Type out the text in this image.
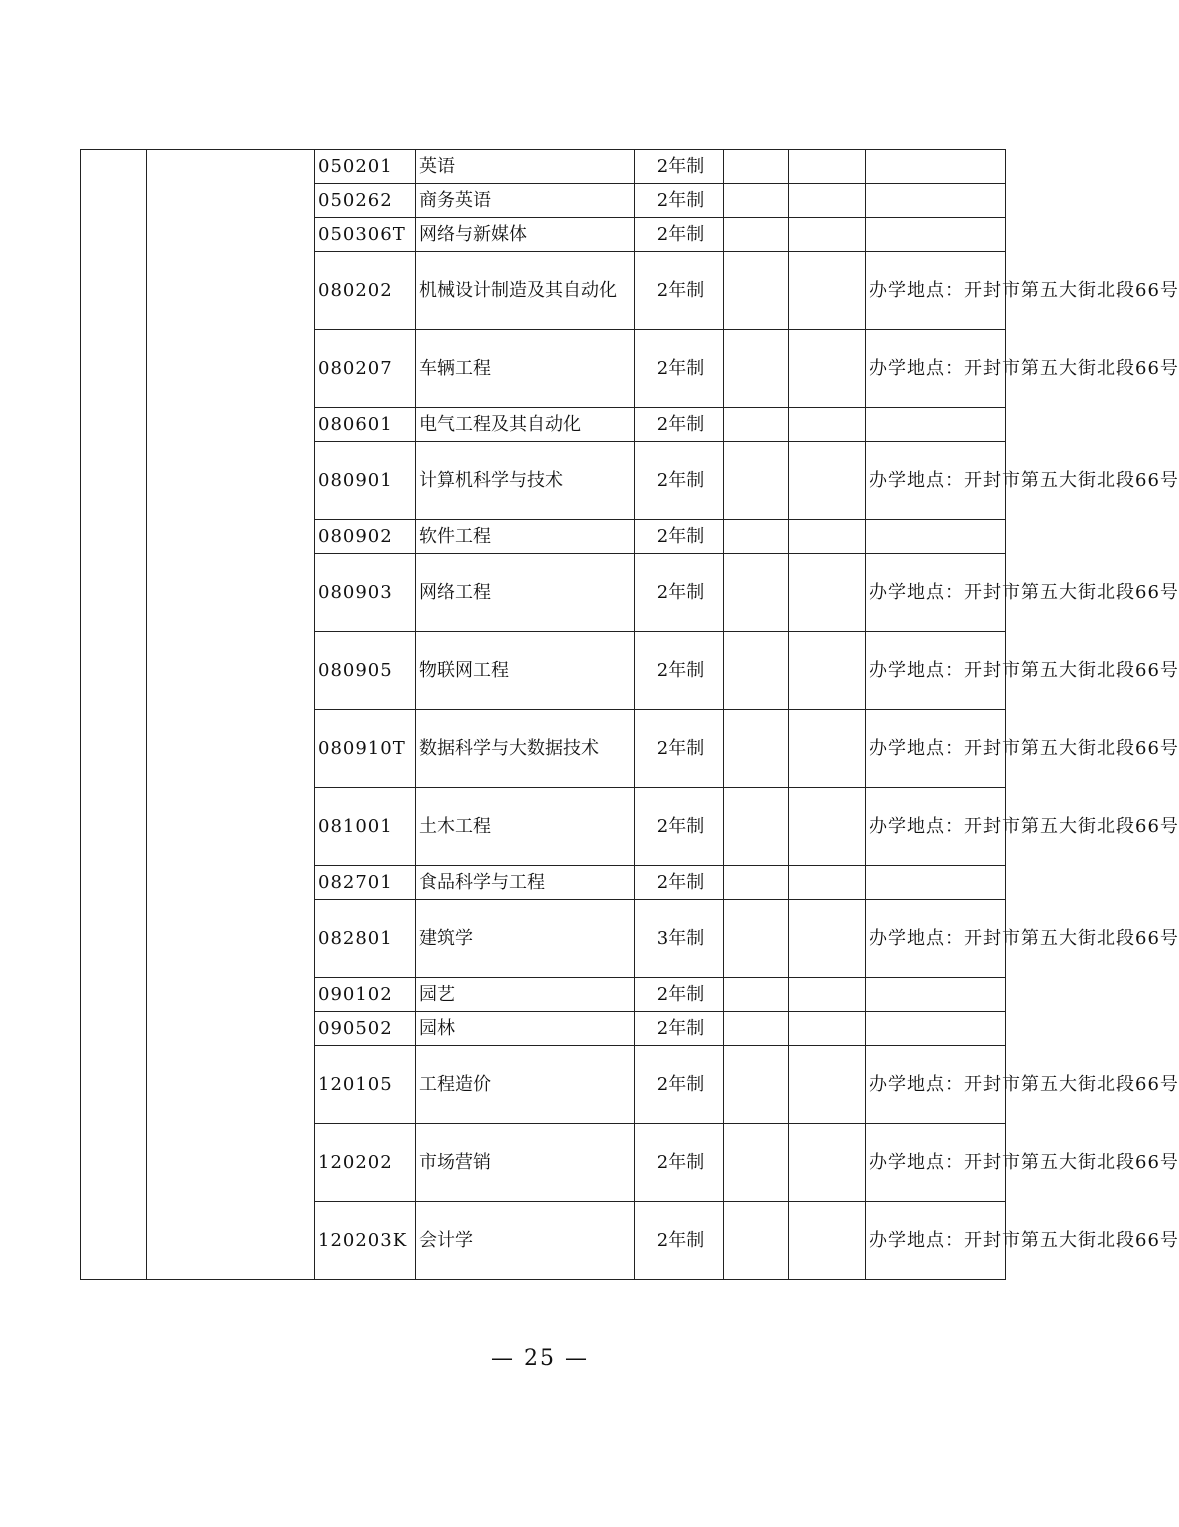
		050201	英语	2年制			
		050262	商务英语	2年制			
		050306T	网络与新媒体	2年制			
		080202	机械设计制造及其自动化	2年制			办学地点：开封市第五大街北段66号
		080207	车辆工程	2年制			办学地点：开封市第五大街北段66号
		080601	电气工程及其自动化	2年制			
		080901	计算机科学与技术	2年制			办学地点：开封市第五大街北段66号
		080902	软件工程	2年制			
		080903	网络工程	2年制			办学地点：开封市第五大街北段66号
		080905	物联网工程	2年制			办学地点：开封市第五大街北段66号
		080910T	数据科学与大数据技术	2年制			办学地点：开封市第五大街北段66号
		081001	土木工程	2年制			办学地点：开封市第五大街北段66号
		082701	食品科学与工程	2年制			
		082801	建筑学	3年制			办学地点：开封市第五大街北段66号
		090102	园艺	2年制			
		090502	园林	2年制			
		120105	工程造价	2年制			办学地点：开封市第五大街北段66号
		120202	市场营销	2年制			办学地点：开封市第五大街北段66号
		120203K	会计学	2年制			办学地点：开封市第五大街北段66号
— 25 —
